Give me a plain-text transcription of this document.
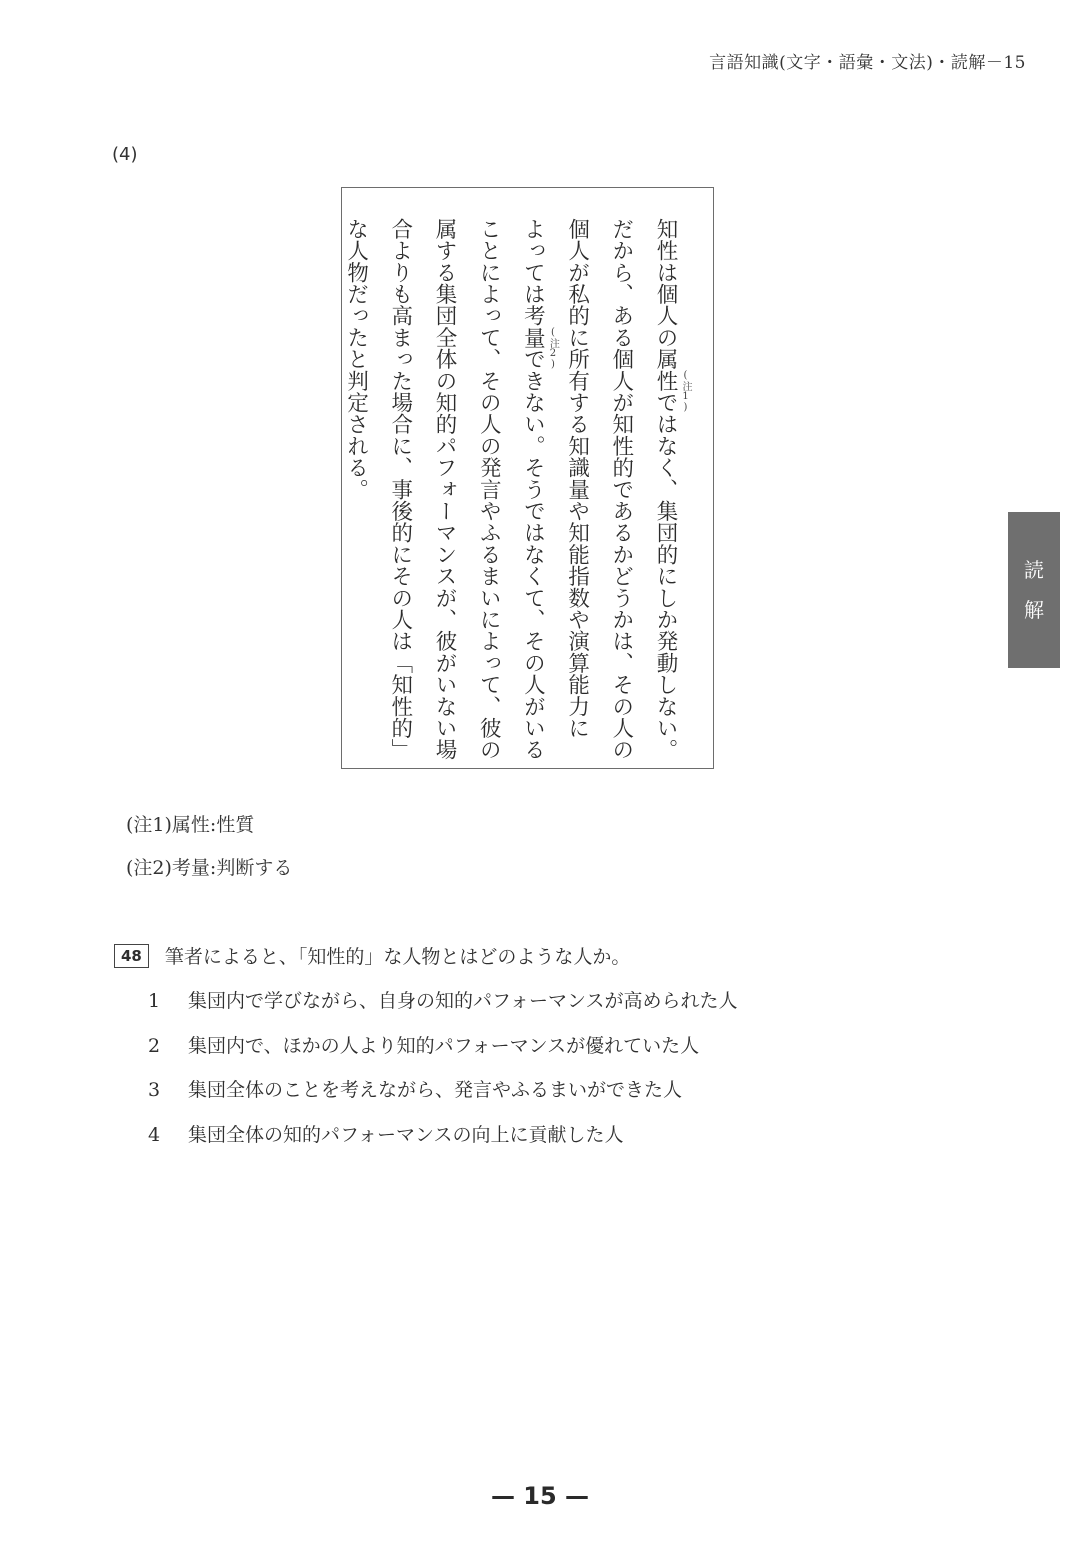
言語知識(文字・語彙・文法)・読解－15
(4)
知性は個人の属性 (注1)
ではなく、集団的にしか発動しない。
だから、ある個人が知性的であるかどうかは、その人の
個人が私的に所有する知識量や知能指数や演算能力に
よっては考量 (注2)
できない。そうではなくて、その人がいる
ことによって、その人の発言やふるまいによって、彼の
属する集団全体の知的パフォーマンスが、彼がいない場
合よりも高まった場合に、事後的にその人は「知性的」
な人物だったと判定される。
読
解
(注1)属性:性質
(注2)考量:判断する
48 筆者によると、「知性的」な人物とはどのような人か。
1 集団内で学びながら、自身の知的パフォーマンスが高められた人
2 集団内で、ほかの人より知的パフォーマンスが優れていた人
3 集団全体のことを考えながら、発言やふるまいができた人
4 集団全体の知的パフォーマンスの向上に貢献した人
— 15 —
